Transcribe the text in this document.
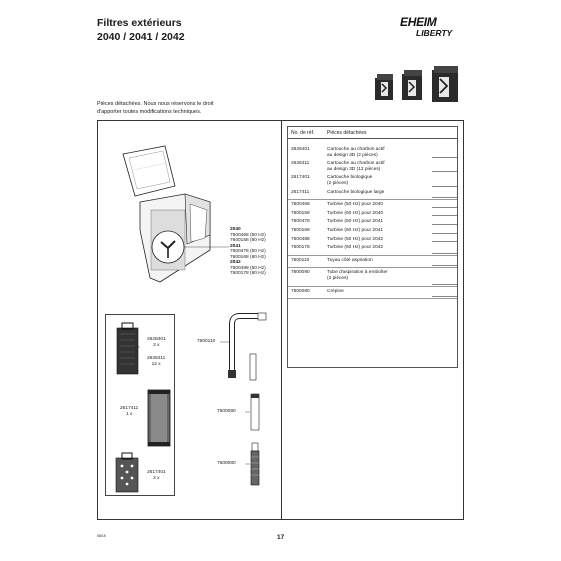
Filtres extérieurs
2040 / 2041 / 2042
EHEIM
LIBERTY
Pièces détachées. Nous nous réservons le droit
d'apporter toutes modifications techniques.
2040
7600468 (50 Hz)
7600158 (60 Hz)
2041
7600478 (50 Hz)
7600168 (60 Hz)
2042
7600488 (50 Hz)
7600178 (60 Hz)
2628401
2 x
2628411
12 x
2617411
1 x
2617401
2 x
7600110
7600090
7600080
No. de réf.	Pièces détachées
2628401	Cartouche au charbon actif
au design 3D (2 pièces)
2628411	Cartouche au charbon actif
au design 3D (12 pièces)
2617401	Cartouche biologique
(2 pièces)
2617411	Cartouche biologique large
7600468	Turbine (50 Hz) pour 2040
7600158	Turbine (60 Hz) pour 2040
7600478	Turbine (50 Hz) pour 2041
7600168	Turbine (60 Hz) pour 2041
7600488	Turbine (50 Hz) pour 2042
7600178	Turbine (60 Hz) pour 2042
7600110	Tuyau côté aspiration
7600090	Tube d'aspiration à emboîter
(2 pièces)
7600080	Crépine
08/15	17
